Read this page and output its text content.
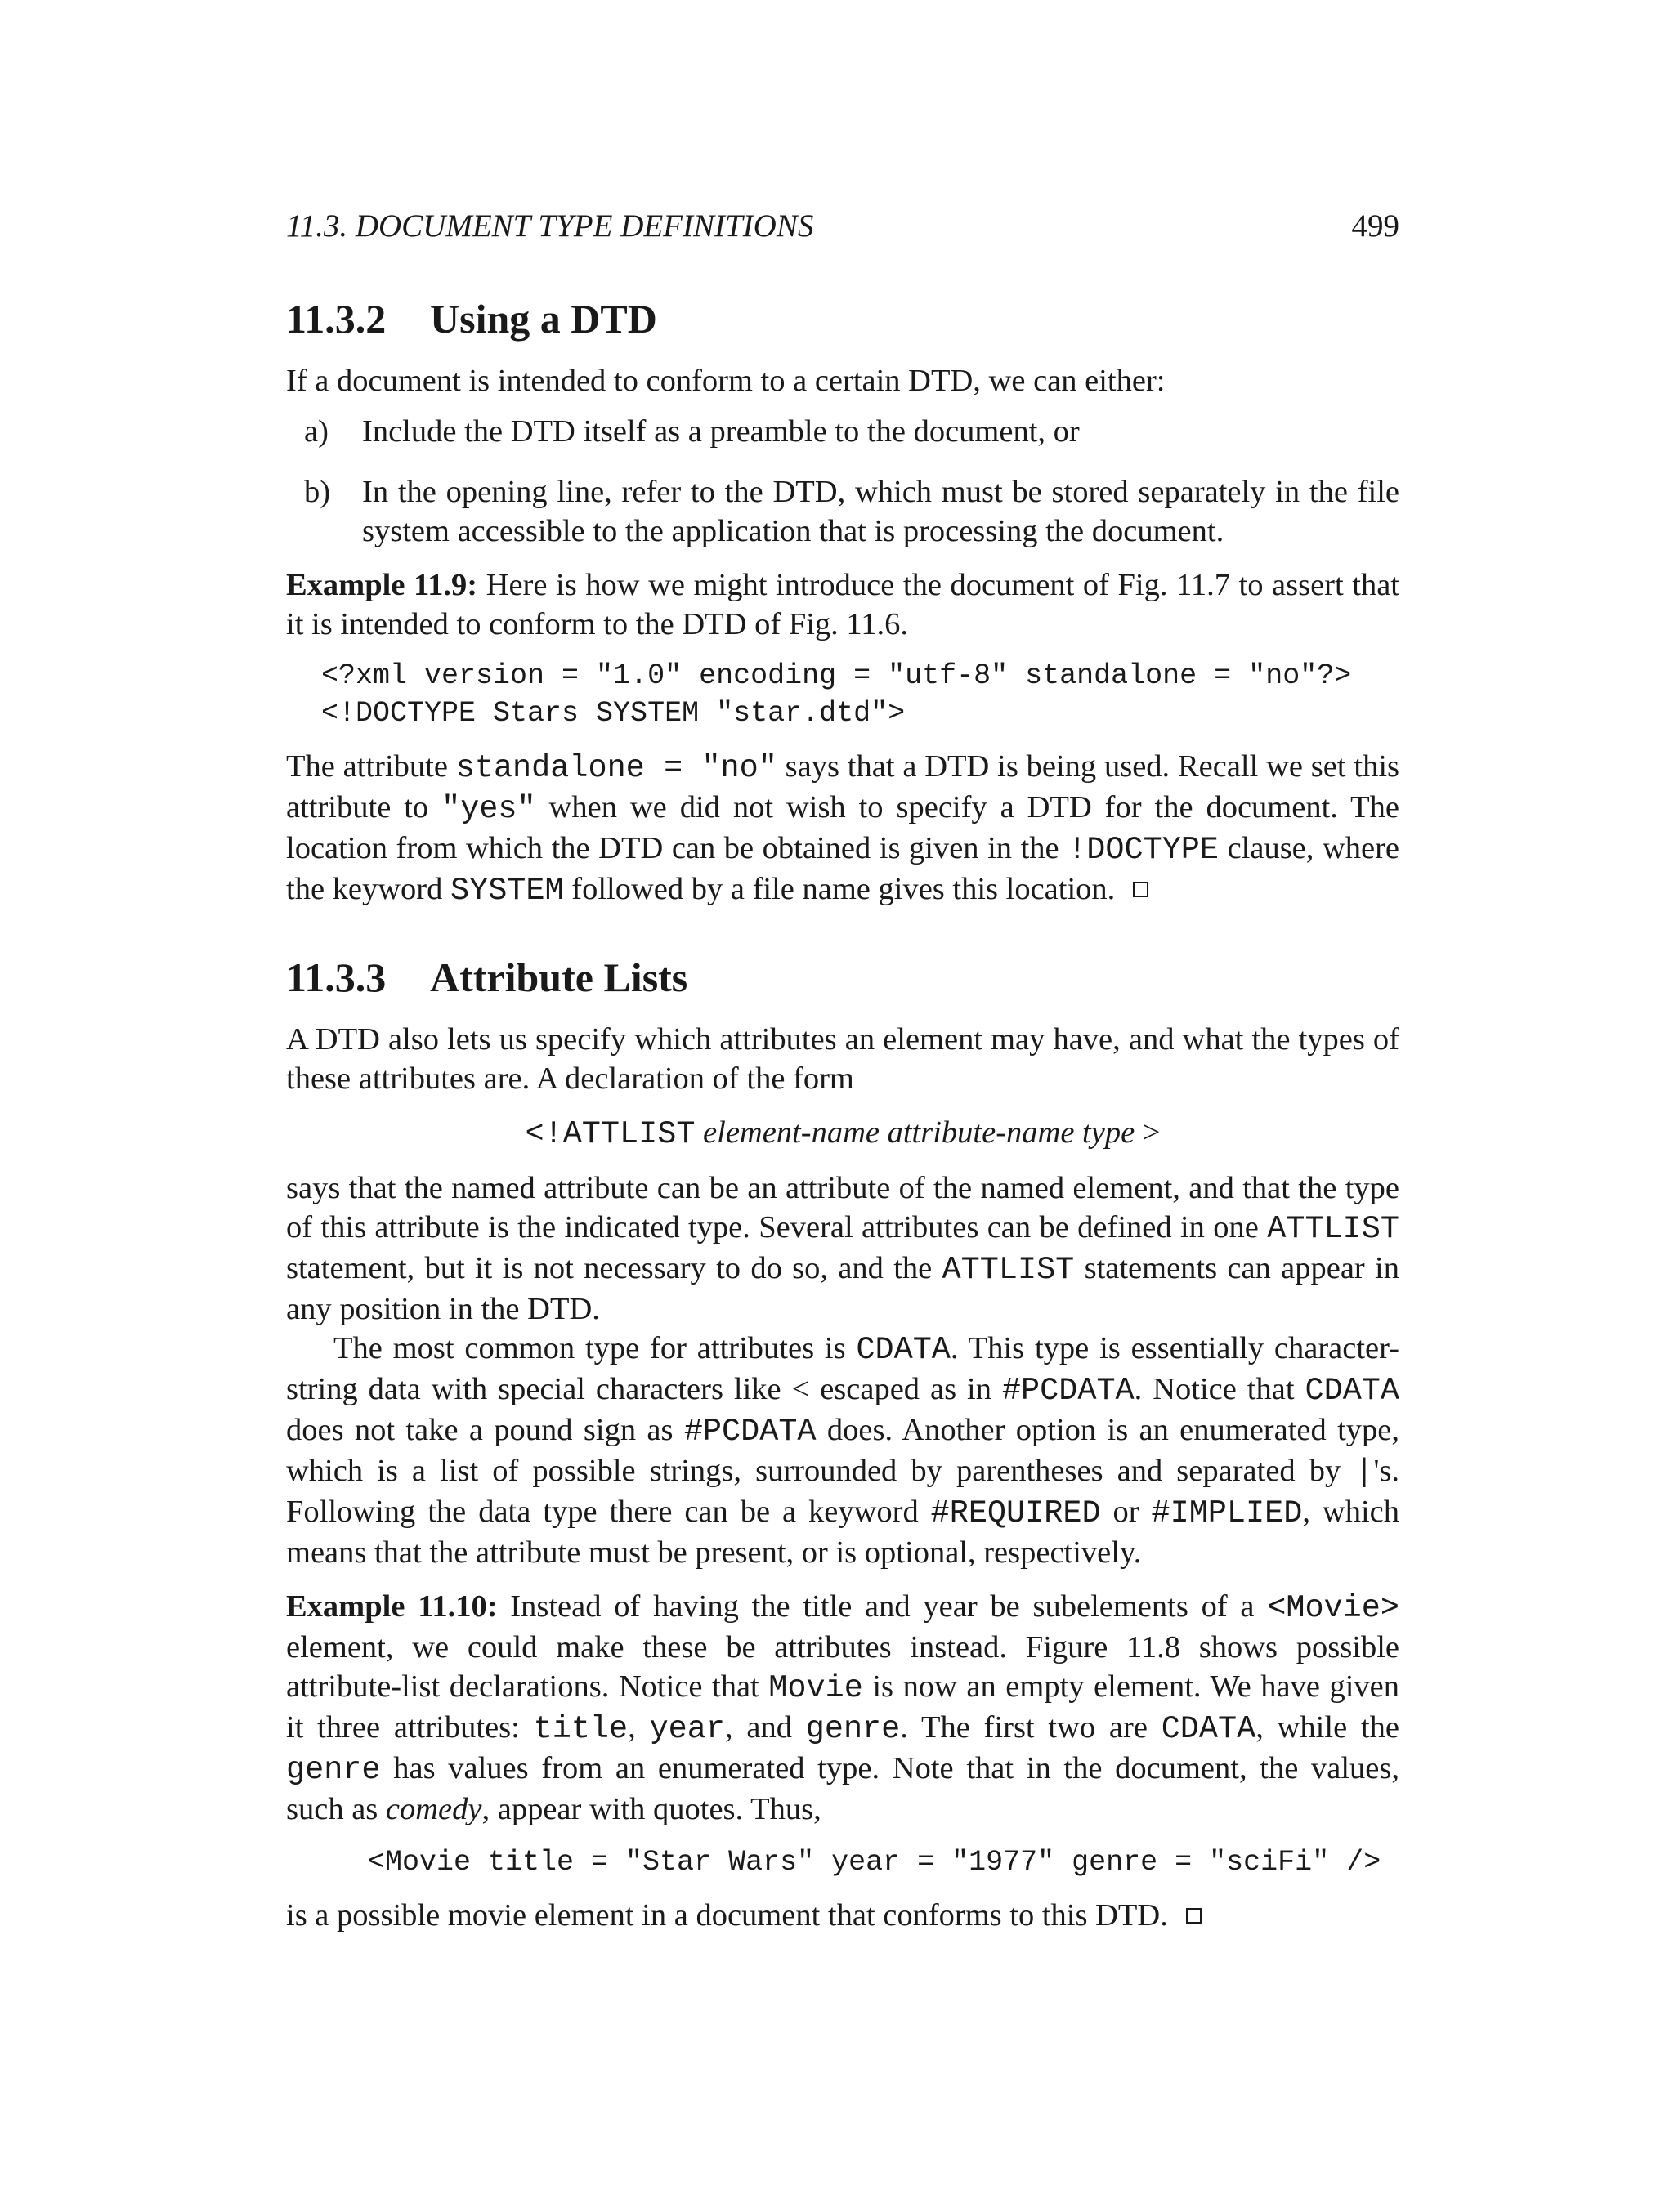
11.3. DOCUMENT TYPE DEFINITIONS	499
11.3.2 Using a DTD

If a document is intended to conform to a certain DTD, we can either:

a)	Include the DTD itself as a preamble to the document, or
b)	In the opening line, refer to the DTD, which must be stored separately in the file system accessible to the application that is processing the document.

Example 11.9: Here is how we might introduce the document of Fig. 11.7 to assert that it is intended to conform to the DTD of Fig. 11.6.

<?xml version = "1.0" encoding = "utf-8" standalone = "no"?>
<!DOCTYPE Stars SYSTEM "star.dtd">

The attribute standalone = "no" says that a DTD is being used. Recall we set this attribute to "yes" when we did not wish to specify a DTD for the document. The location from which the DTD can be obtained is given in the !DOCTYPE clause, where the keyword SYSTEM followed by a file name gives this location.

11.3.3 Attribute Lists

A DTD also lets us specify which attributes an element may have, and what the types of these attributes are. A declaration of the form

<!ATTLIST element-name attribute-name type >

says that the named attribute can be an attribute of the named element, and that the type of this attribute is the indicated type. Several attributes can be defined in one ATTLIST statement, but it is not necessary to do so, and the ATTLIST statements can appear in any position in the DTD.

The most common type for attributes is CDATA. This type is essentially character-string data with special characters like < escaped as in #PCDATA. Notice that CDATA does not take a pound sign as #PCDATA does. Another option is an enumerated type, which is a list of possible strings, surrounded by parentheses and separated by |'s. Following the data type there can be a keyword #REQUIRED or #IMPLIED, which means that the attribute must be present, or is optional, respectively.

Example 11.10: Instead of having the title and year be subelements of a <Movie> element, we could make these be attributes instead. Figure 11.8 shows possible attribute-list declarations. Notice that Movie is now an empty element. We have given it three attributes: title, year, and genre. The first two are CDATA, while the genre has values from an enumerated type. Note that in the document, the values, such as comedy, appear with quotes. Thus,

<Movie title = "Star Wars" year = "1977" genre = "sciFi" />

is a possible movie element in a document that conforms to this DTD.
